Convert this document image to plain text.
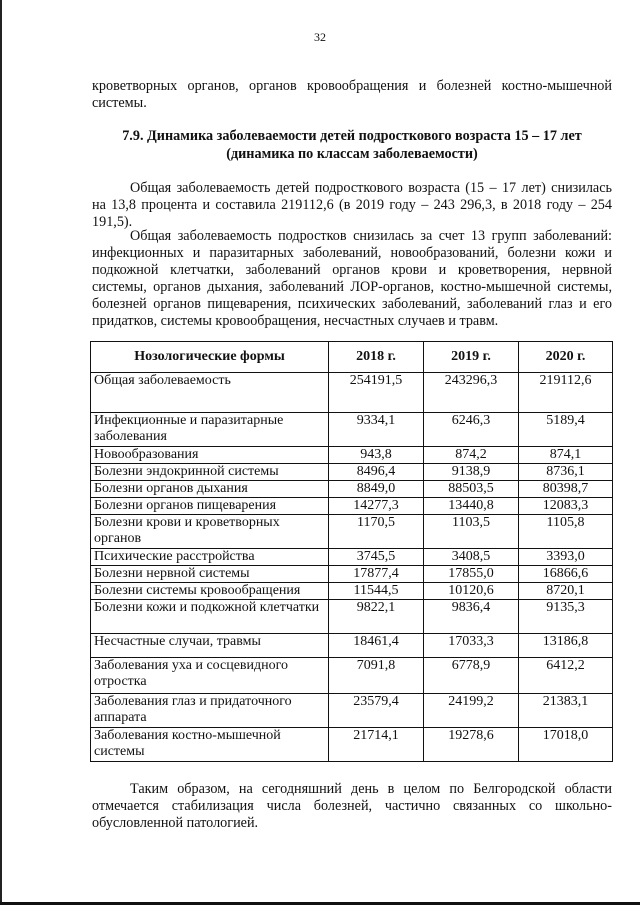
32

кроветворных органов, органов кровообращения и болезней костно-мышечной системы.

7.9. Динамика заболеваемости детей подросткового возраста 15 – 17 лет
(динамика по классам заболеваемости)

Общая заболеваемость детей подросткового возраста (15 – 17 лет) снизилась на 13,8 процента и составила 219112,6 (в 2019 году – 243 296,3, в 2018 году – 254 191,5).

Общая заболеваемость подростков снизилась за счет 13 групп заболеваний: инфекционных и паразитарных заболеваний, новообразований, болезни кожи и подкожной клетчатки, заболеваний органов крови и кроветворения, нервной системы, органов дыхания, заболеваний ЛОР-органов, костно-мышечной системы, болезней органов пищеварения, психических заболеваний, заболеваний глаз и его придатков, системы кровообращения, несчастных случаев и травм.

Нозологические формы	2018 г.	2019 г.	2020 г.
Общая заболеваемость	254191,5	243296,3	219112,6
Инфекционные и паразитарные заболевания	9334,1	6246,3	5189,4
Новообразования	943,8	874,2	874,1
Болезни эндокринной системы	8496,4	9138,9	8736,1
Болезни органов дыхания	8849,0	88503,5	80398,7
Болезни органов пищеварения	14277,3	13440,8	12083,3
Болезни крови и кроветворных органов	1170,5	1103,5	1105,8
Психические расстройства	3745,5	3408,5	3393,0
Болезни нервной системы	17877,4	17855,0	16866,6
Болезни системы кровообращения	11544,5	10120,6	8720,1
Болезни кожи и подкожной клетчатки	9822,1	9836,4	9135,3
Несчастные случаи, травмы	18461,4	17033,3	13186,8
Заболевания уха и сосцевидного отростка	7091,8	6778,9	6412,2
Заболевания глаз и придаточного аппарата	23579,4	24199,2	21383,1
Заболевания костно-мышечной системы	21714,1	19278,6	17018,0

Таким образом, на сегодняшний день в целом по Белгородской области отмечается стабилизация числа болезней, частично связанных со школьно-обусловленной патологией.
